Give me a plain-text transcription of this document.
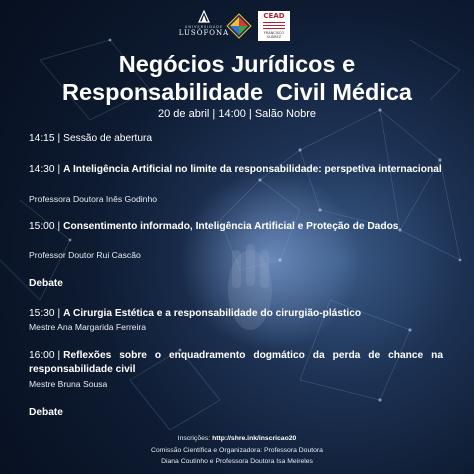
UNIVERSIDADE
LUSÓFONA
CEAD
FRANCISCO SUÁREZ
Negócios Jurídicos e
Responsabilidade  Civil Médica
20 de abril | 14:00 | Salão Nobre
14:15 | Sessão de abertura
14:30 | A Inteligência Artificial no limite da responsabilidade: perspetiva internacional
Professora Doutora Inês Godinho
15:00 | Consentimento informado, Inteligência Artificial e Proteção de Dados
Professor Doutor Rui Cascão
Debate
15:30 | A Cirurgia Estética e a responsabilidade do cirurgião-plástico
Mestre Ana Margarida Ferreira
16:00 | Reflexões sobre o enquadramento dogmático da perda de chance na responsabilidade civil
Mestre Bruna Sousa
Debate
Inscrições: http://shre.ink/inscricao20
Comissão Científica e Organizadora: Professora Doutora
Diana Coutinho e Professora Doutora Isa Meireles
